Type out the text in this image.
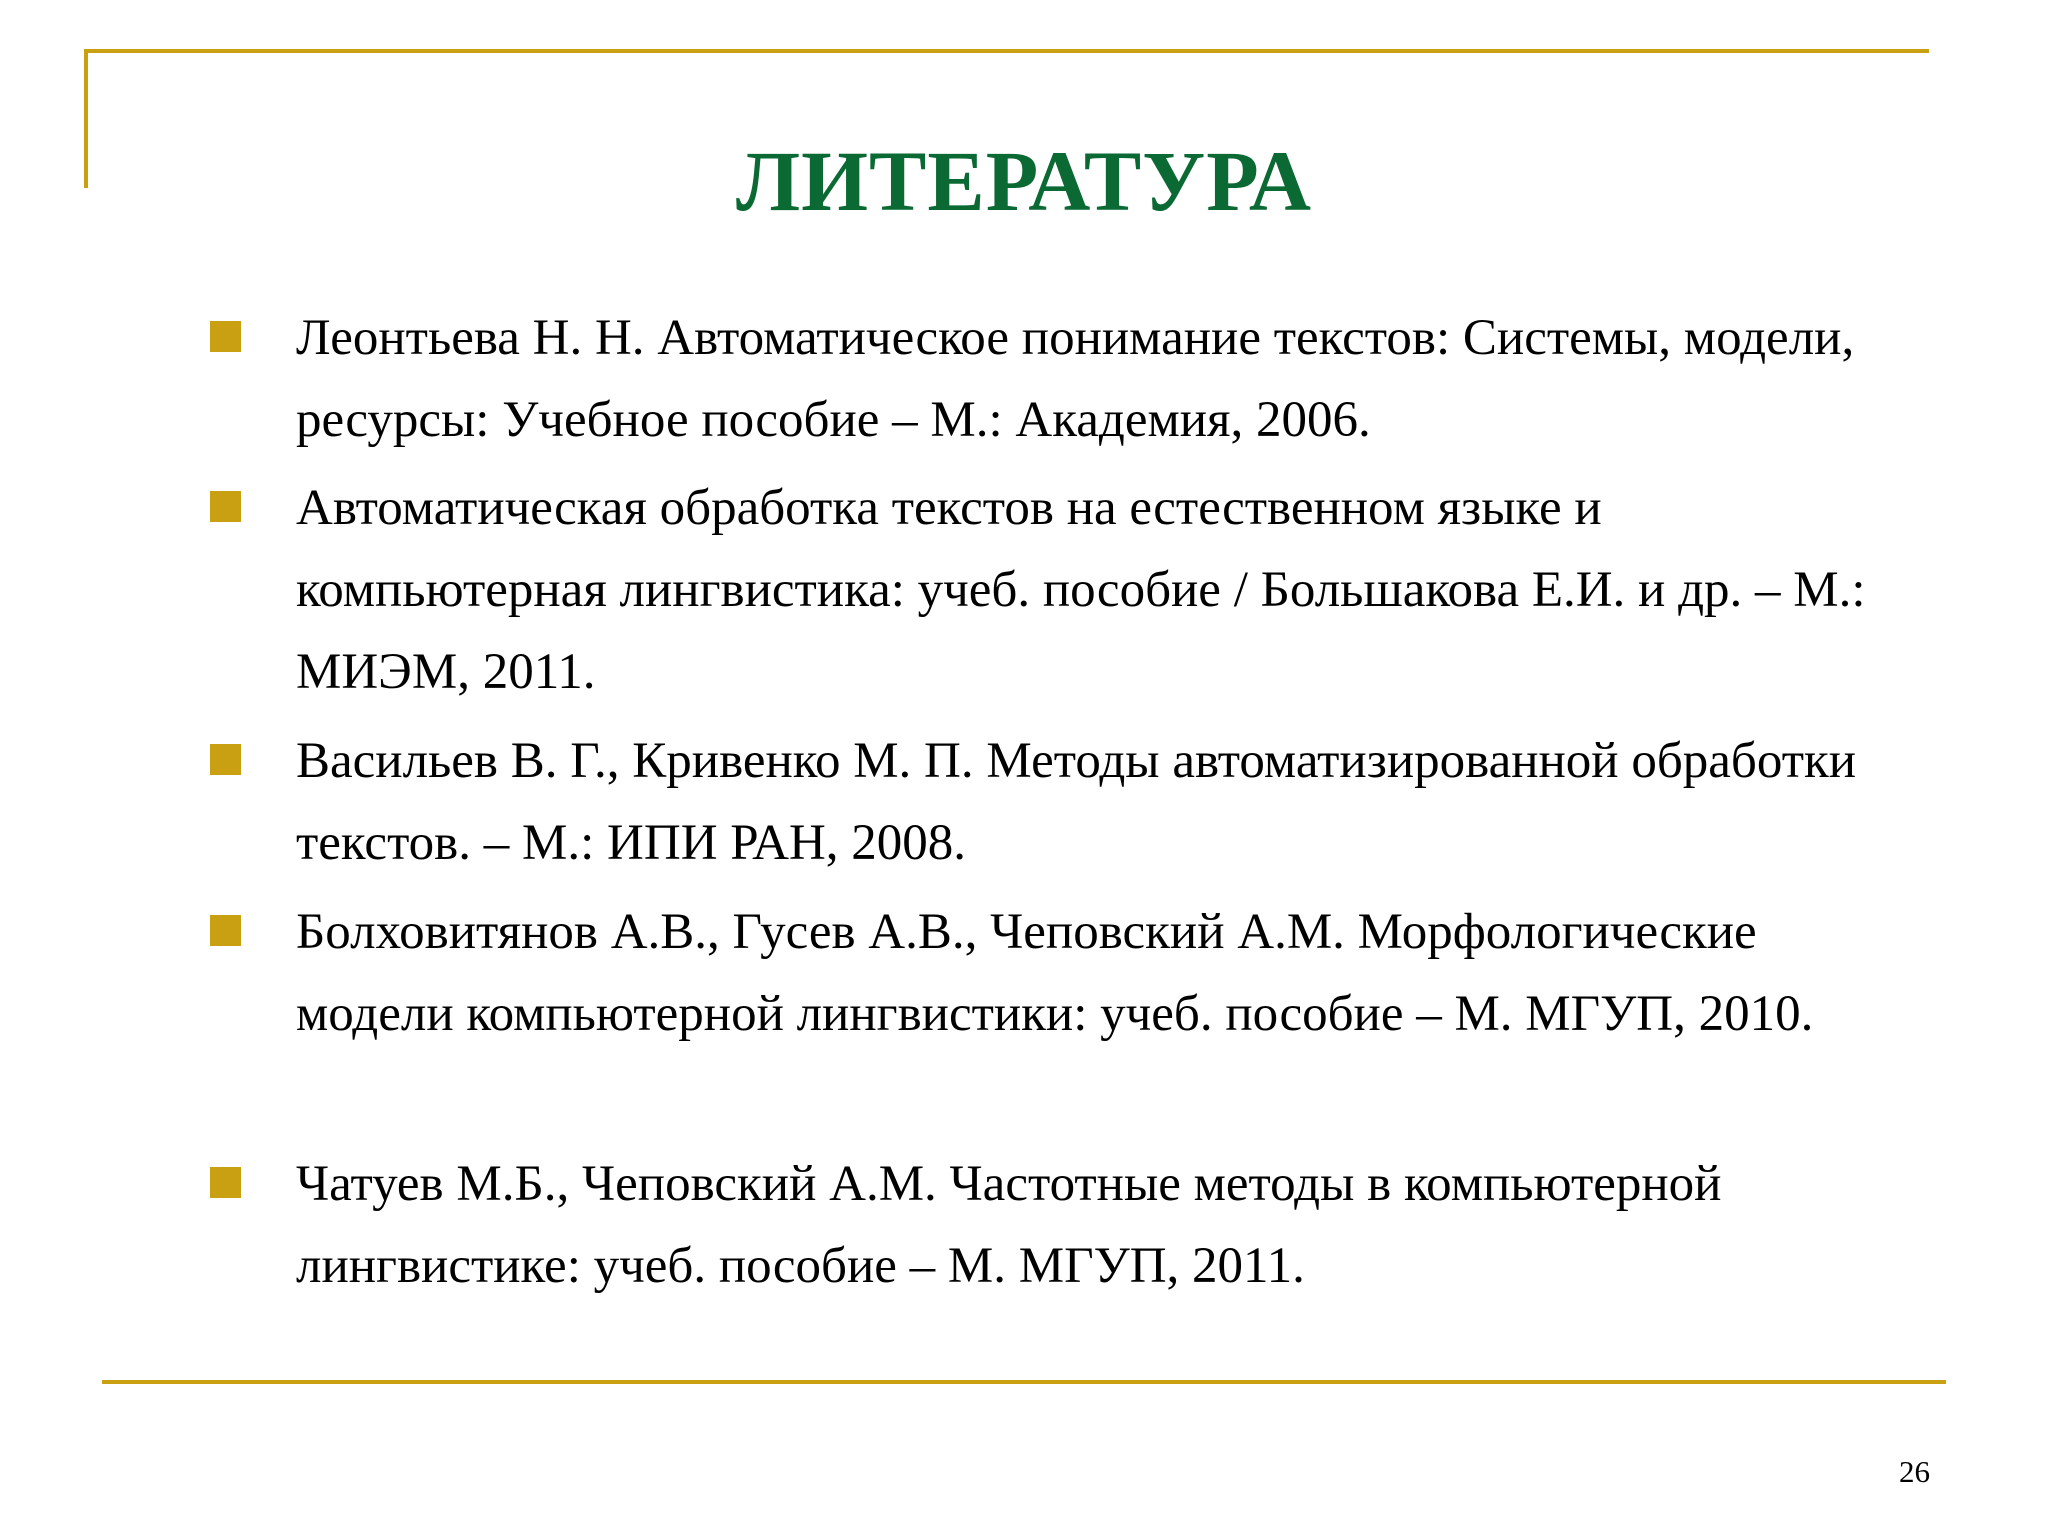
ЛИТЕРАТУРА
Леонтьева Н. Н. Автоматическое понимание текстов: Системы, модели, ресурсы: Учебное пособие – М.: Академия, 2006.
Автоматическая обработка текстов на естественном языке и компьютерная лингвистика: учеб. пособие / Большакова Е.И. и др. – М.: МИЭМ, 2011.
Васильев В. Г., Кривенко М. П. Методы автоматизированной обработки текстов. – М.: ИПИ РАН, 2008.
Болховитянов А.В., Гусев А.В., Чеповский А.М. Морфологические модели компьютерной лингвистики: учеб. пособие – М. МГУП, 2010.
Чатуев М.Б., Чеповский А.М. Частотные методы в компьютерной лингвистике: учеб. пособие – М. МГУП, 2011.
26
